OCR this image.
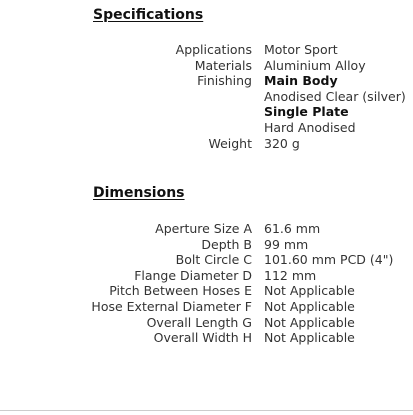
Specifications
Applications	Motor Sport
Materials	Aluminium Alloy
Finishing	Main Body
Anodised Clear (silver)
Single Plate
Hard Anodised

Weight	320 g
Dimensions
Aperture Size A	61.6 mm
Depth B	99 mm
Bolt Circle C	101.60 mm PCD (4")
Flange Diameter D	112 mm
Pitch Between Hoses E	Not Applicable
Hose External Diameter F	Not Applicable
Overall Length G	Not Applicable
Overall Width H	Not Applicable
